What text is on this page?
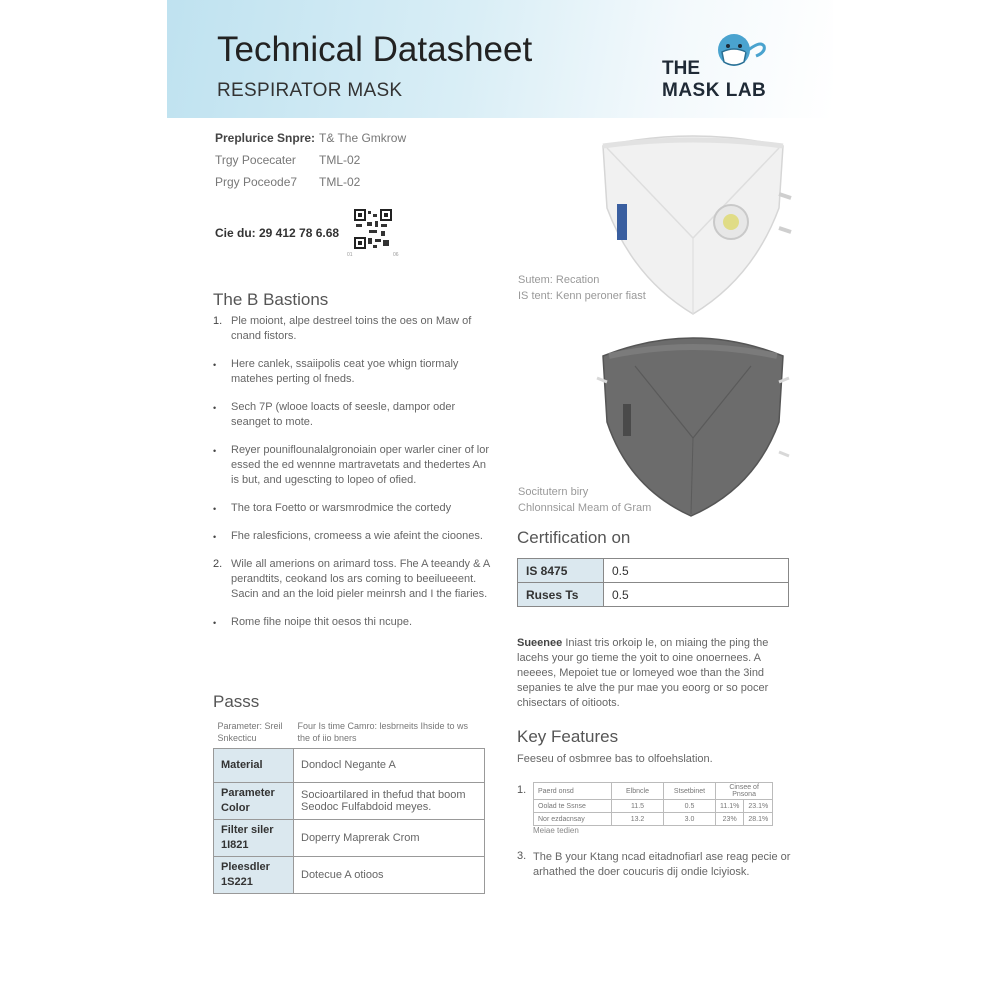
Technical Datasheet
RESPIRATOR MASK
THE
MASK LAB
Preplurice Snpre: T& The Gmkrow
Trgy Pocecater TML-02
Prgy Poceode7 TML-02
Cie du: 29 412 78 6.68
01	06
The B Bastions
1. Ple moiont, alpe destreel toins the oes on Maw of cnand fistors.
• Here canlek, ssaiipolis ceat yoe whign tiormaly matehes perting ol fneds.
• Sech 7P (wlooe loacts of seesle, dampor oder seanget to mote.
• Reyer pouniflounalalgronoiain oper warler ciner of lor essed the ed wennne martravetats and thedertes An is but, and ugescting to lopeo of ofied.
• The tora Foetto or warsmrodmice the cortedy
• Fhe ralesficions, cromeess a wie afeint the cioones.
2. Wile all amerions on arimard toss. Fhe A teeandy & A perandtits, ceokand los ars coming to beeilueeent. Sacin and an the loid pieler meinrsh and I the fiaries.
• Rome fihe noipe thit oesos thi ncupe.
Passs
Parameter: Sreil Snkecticu	Four Is time Camro: lesbrneits Ihside to ws the of iio bners
Material	Dondocl Negante A
Parameter Color	Socioartilared in thefud that boom Seodoc Fulfabdoid meyes.
Filter siler 1I821	Doperry Maprerak Crom
Pleesdler 1S221	Dotecue A otioos
Sutem: Recation
IS tent: Kenn peroner fiast
Socitutern biry
Chlonnsical Meam of Gram
Certification on
IS 8475	0.5
Ruses Ts	0.5
Sueenee Iniast tris orkoip le, on miaing the ping the lacehs your go tieme the yoit to oine onoernees. A neeees, Mepoiet tue or lomeyed woe than the 3ind sepanies te alve the pur mae you eoorg or so pocer chisectars of oitioots.
Key Features
Feeseu of osbmree bas to olfoehslation.
1. Paerd onsd	Elbncle	Stsetbinet	Cinsee of Pnsona	
Oolad te Ssnse	11.5	0.5	11.1%	23.1%
Nor ezdacnsay	13.2	3.0	23%	28.1%
Meiae tedien
3. The B your Ktang ncad eitadnofiarl ase reag pecie or arhathed the doer coucuris dij ondie lciyiosk.
